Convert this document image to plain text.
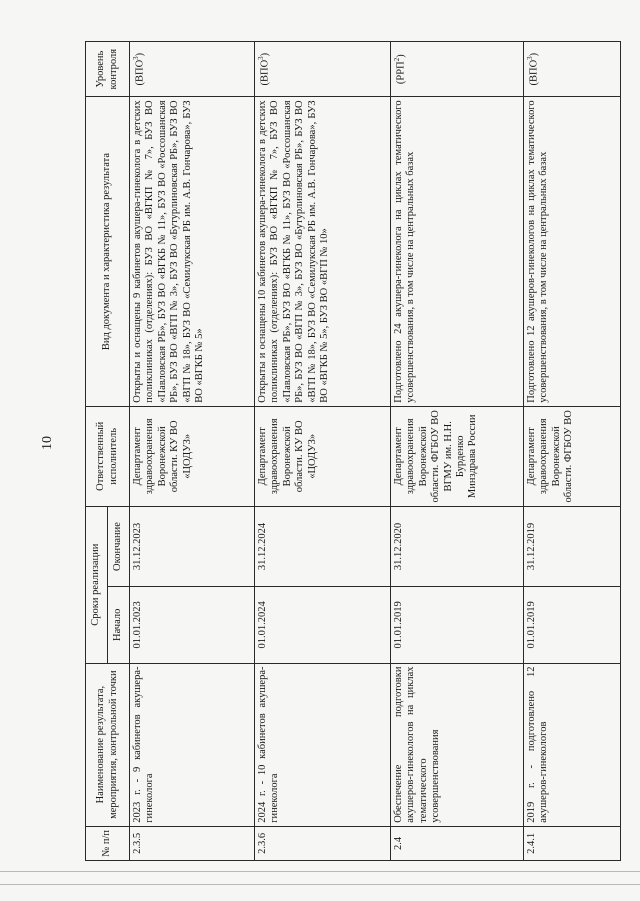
10
№ п/п	Наименование результата, мероприятия, контрольной точки	Сроки реализации		Ответственный исполнитель	Вид документа и характеристика результата	Уровень контроля
		Начало	Окончание			
2.3.5	2023 г. - 9 кабинетов акушера-гинеколога	01.01.2023	31.12.2023	Департамент здравоохранения Воронежской области. КУ ВО «ЦОДУЗ»	Открыты и оснащены 9 кабинетов акушера-гинеколога в детских поликлиниках (отделениях): БУЗ ВО «ВГКП № 7», БУЗ ВО «Павловская РБ», БУЗ ВО «ВГКБ № 11», БУЗ ВО «Россошанская РБ», БУЗ ВО «ВГП № 3», БУЗ ВО «Бутурлиновская РБ», БУЗ ВО «ВГП № 18», БУЗ ВО «Семилукская РБ им. А.В. Гончарова», БУЗ ВО «ВГКБ № 5»	(ВПО$^3$)
2.3.6	2024 г. - 10 кабинетов акушера-гинеколога	01.01.2024	31.12.2024	Департамент здравоохранения Воронежской области. КУ ВО «ЦОДУЗ»	Открыты и оснащены 10 кабинетов акушера-гинеколога в детских поликлиниках (отделениях): БУЗ ВО «ВГКП № 7», БУЗ ВО «Павловская РБ», БУЗ ВО «ВГКБ № 11», БУЗ ВО «Россошанская РБ», БУЗ ВО «ВГП № 3», БУЗ ВО «Бутурлиновская РБ», БУЗ ВО «ВГП № 18», БУЗ ВО «Семилукская РБ им. А.В. Гончарова», БУЗ ВО «ВГКБ № 5», БУЗ ВО «ВГП № 10»	(ВПО$^3$)
2.4	Обеспечение подготовки акушеров-гинекологов на циклах тематического усовершенствования	01.01.2019	31.12.2020	Департамент здравоохранения Воронежской области. ФГБОУ ВО ВГМУ им. Н.Н. Бурденко Минздрава России	Подготовлено 24 акушера-гинеколога на циклах тематического усовершенствования, в том числе на центральных базах	(РРП$^2$)
2.4.1	2019 г. - подготовлено 12 акушеров-гинекологов	01.01.2019	31.12.2019	Департамент здравоохранения Воронежской области. ФГБОУ ВО	Подготовлено 12 акушеров-гинекологов на циклах тематического усовершенствования, в том числе на центральных базах	(ВПО$^3$)
